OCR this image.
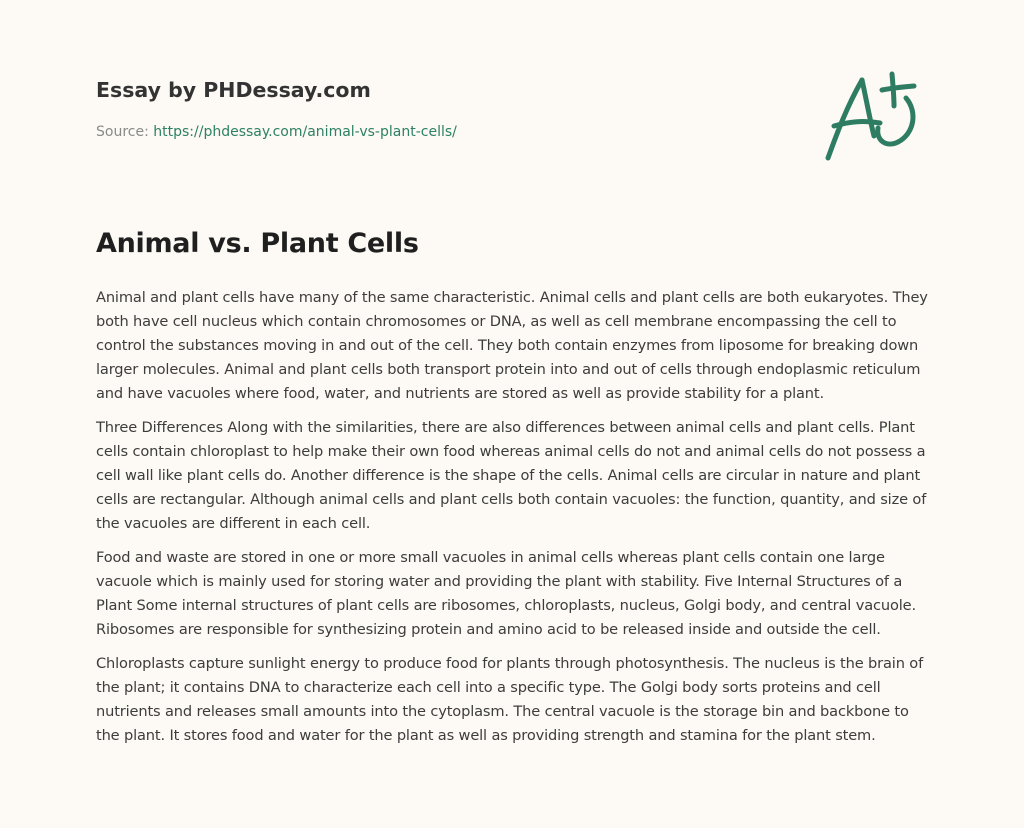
Essay by PHDessay.com
Source: https://phdessay.com/animal-vs-plant-cells/
Animal vs. Plant Cells

Animal and plant cells have many of the same characteristic. Animal cells and plant cells are both eukaryotes. They both have cell nucleus which contain chromosomes or DNA, as well as cell membrane encompassing the cell to control the substances moving in and out of the cell. They both contain enzymes from liposome for breaking down larger molecules. Animal and plant cells both transport protein into and out of cells through endoplasmic reticulum and have vacuoles where food, water, and nutrients are stored as well as provide stability for a plant.

Three Differences Along with the similarities, there are also differences between animal cells and plant cells. Plant cells contain chloroplast to help make their own food whereas animal cells do not and animal cells do not possess a cell wall like plant cells do. Another difference is the shape of the cells. Animal cells are circular in nature and plant cells are rectangular. Although animal cells and plant cells both contain vacuoles: the function, quantity, and size of the vacuoles are different in each cell.

Food and waste are stored in one or more small vacuoles in animal cells whereas plant cells contain one large vacuole which is mainly used for storing water and providing the plant with stability. Five Internal Structures of a Plant Some internal structures of plant cells are ribosomes, chloroplasts, nucleus, Golgi body, and central vacuole. Ribosomes are responsible for synthesizing protein and amino acid to be released inside and outside the cell.

Chloroplasts capture sunlight energy to produce food for plants through photosynthesis. The nucleus is the brain of the plant; it contains DNA to characterize each cell into a specific type. The Golgi body sorts proteins and cell nutrients and releases small amounts into the cytoplasm. The central vacuole is the storage bin and backbone to the plant. It stores food and water for the plant as well as providing strength and stamina for the plant stem.
